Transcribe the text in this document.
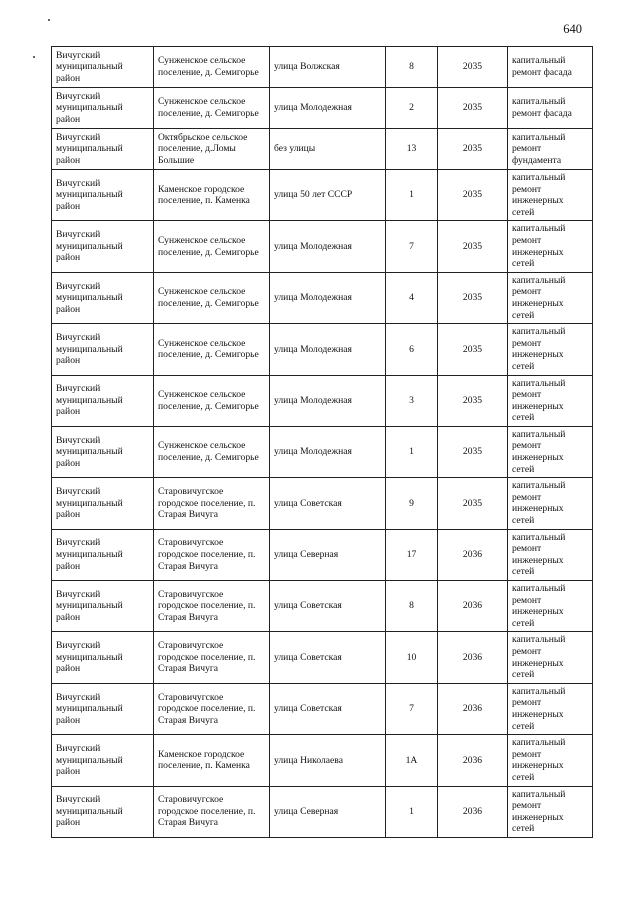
640
Вичугский муниципальный район	Сунженское сельское поселение, д. Семигорье	улица Волжская	8	2035	капитальный ремонт фасада
Вичугский муниципальный район	Сунженское сельское поселение, д. Семигорье	улица Молодежная	2	2035	капитальный ремонт фасада
Вичугский муниципальный район	Октябрьское сельское поселение, д.Ломы Большие	без улицы	13	2035	капитальный ремонт фундамента
Вичугский муниципальный район	Каменское городское поселение, п. Каменка	улица 50 лет СССР	1	2035	капитальный ремонт инженерных сетей
Вичугский муниципальный район	Сунженское сельское поселение, д. Семигорье	улица Молодежная	7	2035	капитальный ремонт инженерных сетей
Вичугский муниципальный район	Сунженское сельское поселение, д. Семигорье	улица Молодежная	4	2035	капитальный ремонт инженерных сетей
Вичугский муниципальный район	Сунженское сельское поселение, д. Семигорье	улица Молодежная	6	2035	капитальный ремонт инженерных сетей
Вичугский муниципальный район	Сунженское сельское поселение, д. Семигорье	улица Молодежная	3	2035	капитальный ремонт инженерных сетей
Вичугский муниципальный район	Сунженское сельское поселение, д. Семигорье	улица Молодежная	1	2035	капитальный ремонт инженерных сетей
Вичугский муниципальный район	Старовичугское городское поселение, п. Старая Вичуга	улица Советская	9	2035	капитальный ремонт инженерных сетей
Вичугский муниципальный район	Старовичугское городское поселение, п. Старая Вичуга	улица Северная	17	2036	капитальный ремонт инженерных сетей
Вичугский муниципальный район	Старовичугское городское поселение, п. Старая Вичуга	улица Советская	8	2036	капитальный ремонт инженерных сетей
Вичугский муниципальный район	Старовичугское городское поселение, п. Старая Вичуга	улица Советская	10	2036	капитальный ремонт инженерных сетей
Вичугский муниципальный район	Старовичугское городское поселение, п. Старая Вичуга	улица Советская	7	2036	капитальный ремонт инженерных сетей
Вичугский муниципальный район	Каменское городское поселение, п. Каменка	улица Николаева	1А	2036	капитальный ремонт инженерных сетей
Вичугский муниципальный район	Старовичугское городское поселение, п. Старая Вичуга	улица Северная	1	2036	капитальный ремонт инженерных сетей
